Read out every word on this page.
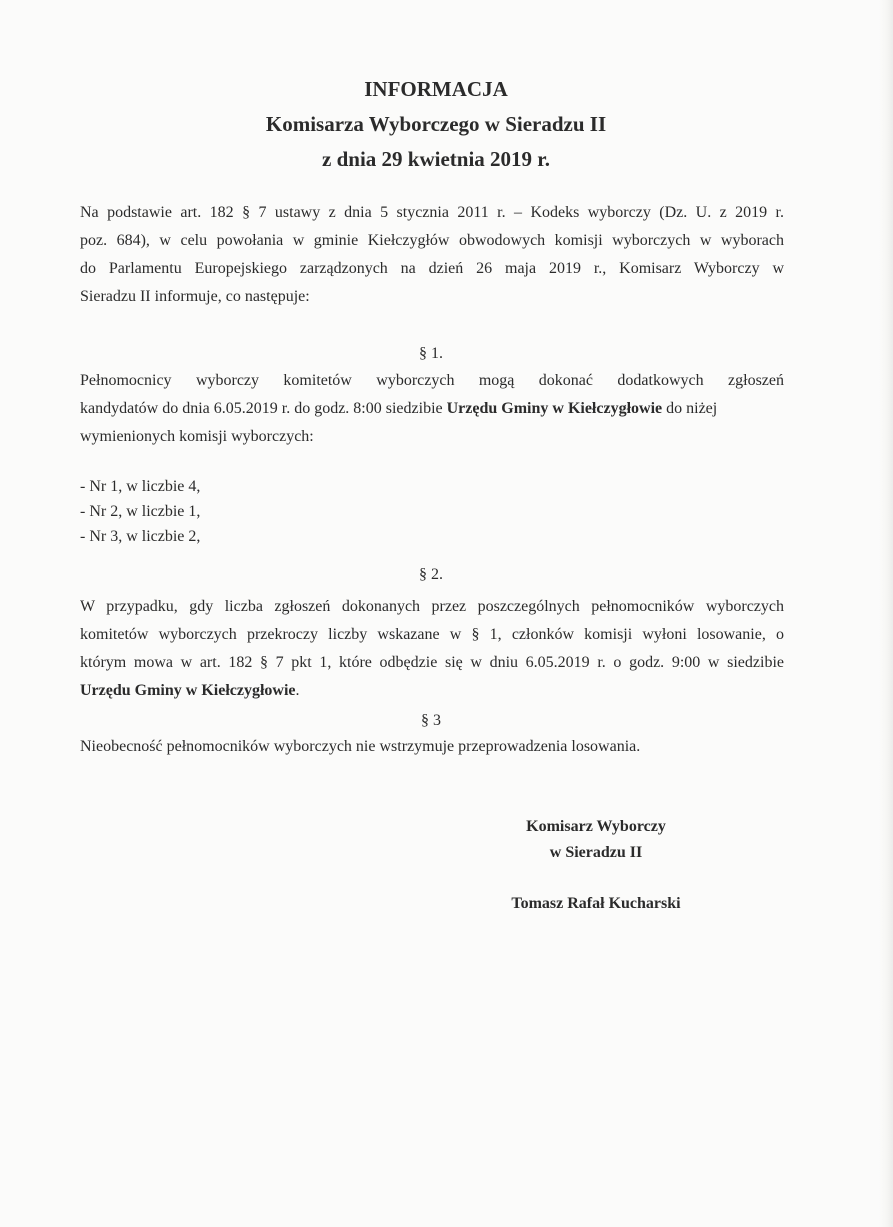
INFORMACJA
Komisarza Wyborczego w Sieradzu II
z dnia 29 kwietnia 2019 r.
Na podstawie art. 182 § 7 ustawy z dnia 5 stycznia 2011 r. – Kodeks wyborczy (Dz. U. z 2019 r.
poz. 684), w celu powołania w gminie Kiełczygłów obwodowych komisji wyborczych w wyborach
do Parlamentu Europejskiego zarządzonych na dzień 26 maja 2019 r., Komisarz Wyborczy w
Sieradzu II informuje, co następuje:
§ 1.
Pełnomocnicy wyborczy komitetów wyborczych mogą dokonać dodatkowych zgłoszeń
kandydatów do dnia 6.05.2019 r. do godz. 8:00 siedzibie Urzędu Gminy w Kiełczygłowie do niżej
wymienionych komisji wyborczych:
- Nr 1, w liczbie 4,
- Nr 2, w liczbie 1,
- Nr 3, w liczbie 2,
§ 2.
W przypadku, gdy liczba zgłoszeń dokonanych przez poszczególnych pełnomocników wyborczych
komitetów wyborczych przekroczy liczby wskazane w § 1, członków komisji wyłoni losowanie, o
którym mowa w art. 182 § 7 pkt 1, które odbędzie się w dniu 6.05.2019 r. o godz. 9:00 w siedzibie
Urzędu Gminy w Kiełczygłowie.
§ 3
Nieobecność pełnomocników wyborczych nie wstrzymuje przeprowadzenia losowania.
Komisarz Wyborczy
w Sieradzu II
Tomasz Rafał Kucharski
